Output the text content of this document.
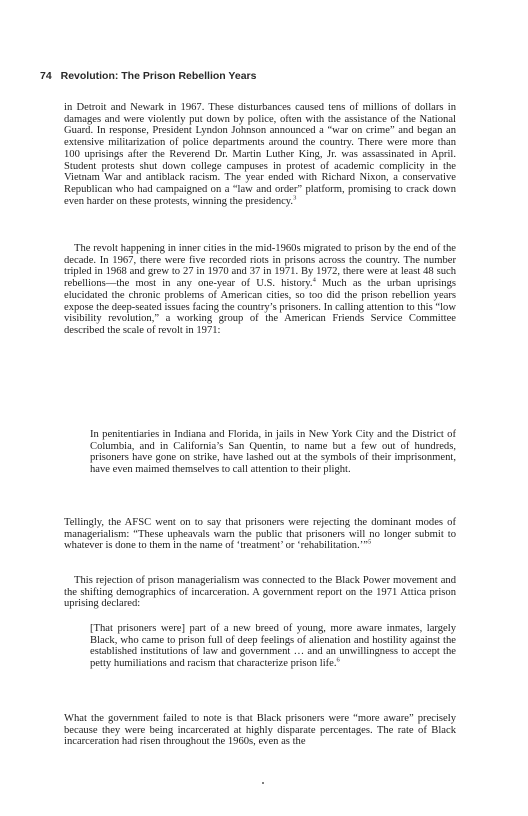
74 Revolution: The Prison Rebellion Years

in Detroit and Newark in 1967. These disturbances caused tens of millions of dollars in damages and were violently put down by police, often with the assistance of the National Guard. In response, President Lyndon Johnson announced a “war on crime” and began an extensive militarization of police departments around the country. There were more than 100 uprisings after the Reverend Dr. Martin Luther King, Jr. was assassinated in April. Student protests shut down college campuses in protest of academic complicity in the Vietnam War and antiblack racism. The year ended with Richard Nixon, a conservative Republican who had campaigned on a “law and order” platform, promising to crack down even harder on these protests, winning the presidency.$^3$

The revolt happening in inner cities in the mid-1960s migrated to prison by the end of the decade. In 1967, there were five recorded riots in prisons across the country. The number tripled in 1968 and grew to 27 in 1970 and 37 in 1971. By 1972, there were at least 48 such rebellions—the most in any one-year of U.S. history.$^4$ Much as the urban uprisings elucidated the chronic problems of American cities, so too did the prison rebellion years expose the deep-seated issues facing the country’s prisoners. In calling attention to this “low visibility revolution,” a working group of the American Friends Service Committee described the scale of revolt in 1971:

In penitentiaries in Indiana and Florida, in jails in New York City and the District of Columbia, and in California’s San Quentin, to name but a few out of hundreds, prisoners have gone on strike, have lashed out at the symbols of their imprisonment, have even maimed themselves to call attention to their plight.

Tellingly, the AFSC went on to say that prisoners were rejecting the dominant modes of managerialism: “These upheavals warn the public that prisoners will no longer submit to whatever is done to them in the name of ‘treatment’ or ‘rehabilitation.’”$^5$

This rejection of prison managerialism was connected to the Black Power movement and the shifting demographics of incarceration. A government report on the 1971 Attica prison uprising declared:

[That prisoners were] part of a new breed of young, more aware inmates, largely Black, who came to prison full of deep feelings of alienation and hostility against the established institutions of law and government … and an unwillingness to accept the petty humiliations and racism that characterize prison life.$^6$

What the government failed to note is that Black prisoners were “more aware” precisely because they were being incarcerated at highly disparate percentages. The rate of Black incarceration had risen throughout the 1960s, even as the
